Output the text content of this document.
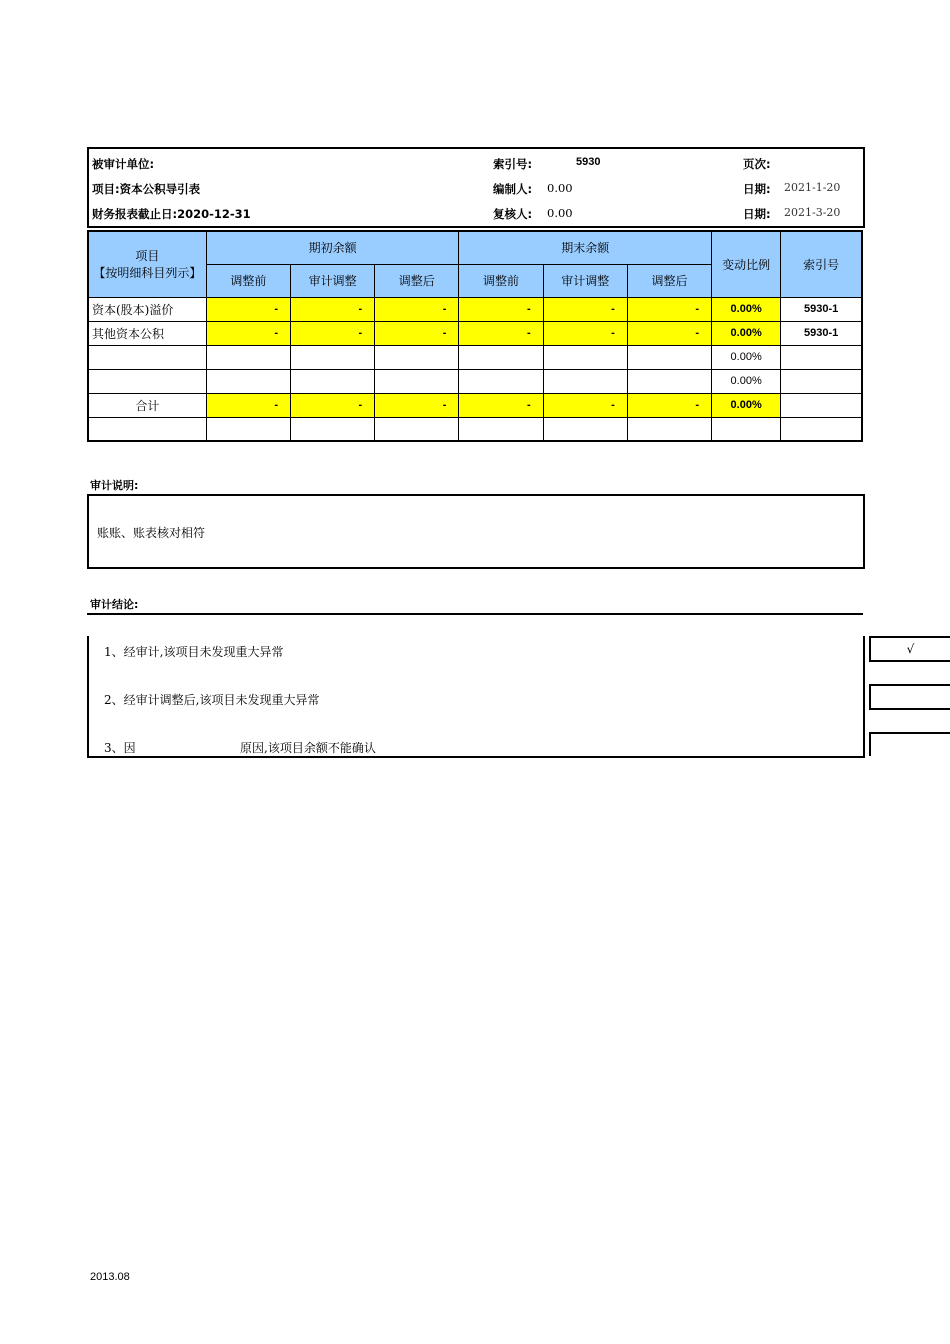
被审计单位:	索引号:	5930	页次:
项目:资本公积导引表	编制人: 0.00	日期: 2021-1-20
财务报表截止日:2020-12-31	复核人: 0.00	日期: 2021-3-20
项目
【按明细科目列示】	期初余额			期末余额			变动比例	索引号
	调整前	审计调整	调整后	调整前	审计调整	调整后		
资本(股本)溢价	-	-	-	-	-	-	0.00%	5930-1
其他资本公积	-	-	-	-	-	-	0.00%	5930-1
							0.00%	
							0.00%	
合计	-	-	-	-	-	-	0.00%	

审计说明:
账账、账表核对相符
审计结论:
1、经审计,该项目未发现重大异常	√
2、经审计调整后,该项目未发现重大异常
3、因	原因,该项目余额不能确认
2013.08
